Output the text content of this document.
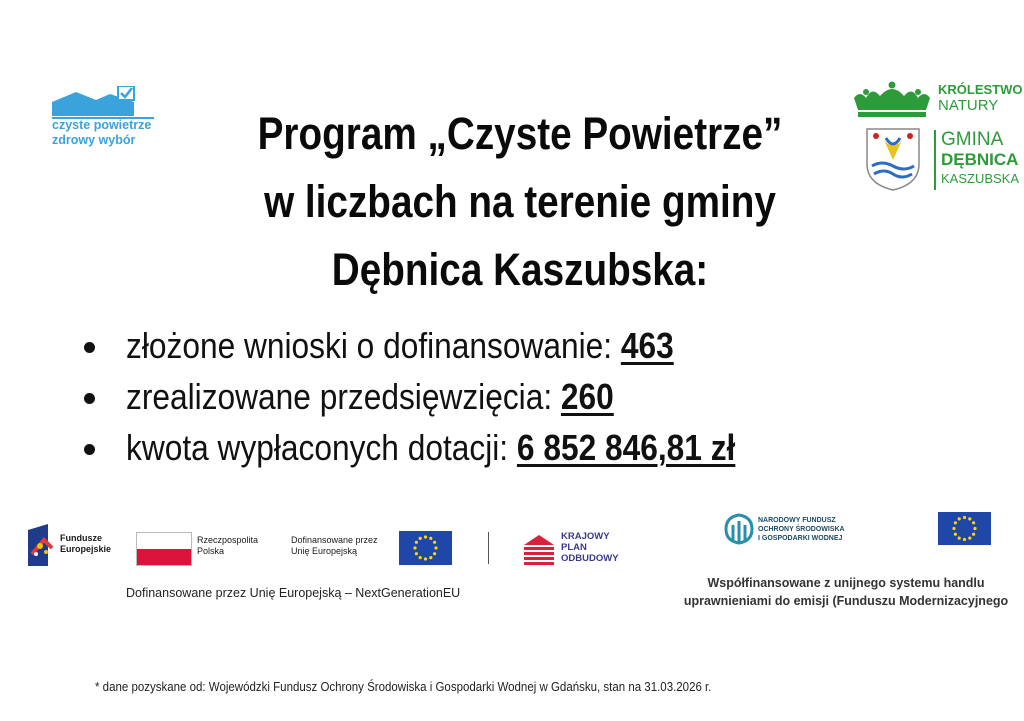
czyste powietrze
zdrowy wybór	Program „Czyste Powietrze”
w liczbach na terenie gminy
Dębnica Kaszubska:
KRÓLESTWO
NATURY
GMINA
DĘBNICA
KASZUBSKA
złożone wnioski o dofinansowanie: 463
zrealizowane przedsięwzięcia: 260
kwota wypłaconych dotacji: 6 852 846,81 zł
Fundusze
Europejskie
Rzeczpospolita
Polska
Dofinansowane przez
Unię Europejską
KRAJOWY
PLAN
ODBUDOWY
Dofinansowane przez Unię Europejską – NextGenerationEU
NARODOWY FUNDUSZ
OCHRONY ŚRODOWISKA
I GOSPODARKI WODNEJ
Współfinansowane z unijnego systemu handlu
uprawnieniami do emisji (Funduszu Modernizacyjnego
* dane pozyskane od: Wojewódzki Fundusz Ochrony Środowiska i Gospodarki Wodnej w Gdańsku, stan na 31.03.2026 r.
